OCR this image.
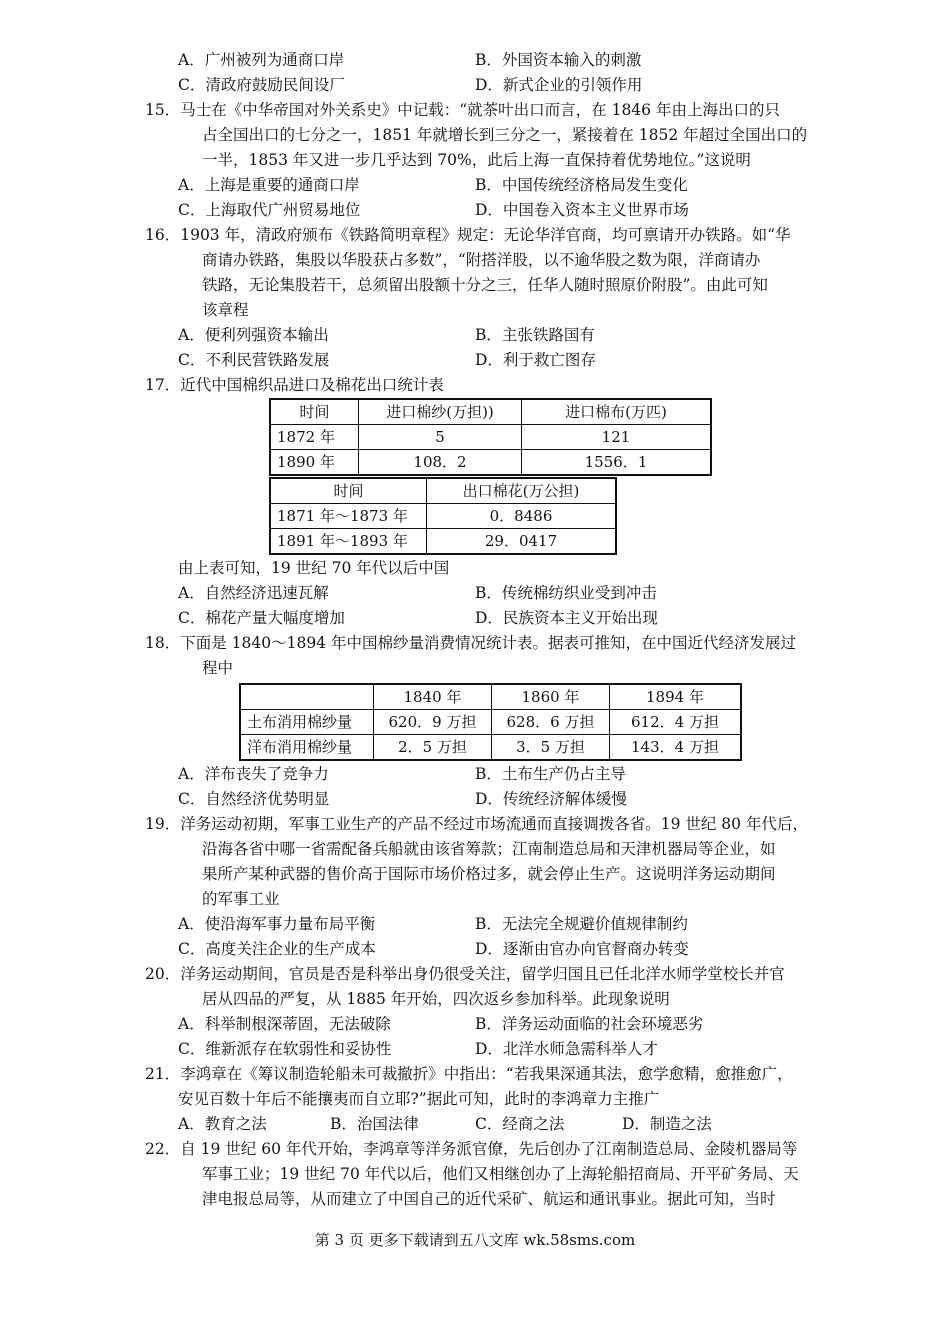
A．广州被列为通商口岸	B．外国资本输入的刺激
C．清政府鼓励民间设厂	D．新式企业的引领作用
15．马士在《中华帝国对外关系史》中记载：“就茶叶出口而言，在 1846 年由上海出口的只
占全国出口的七分之一，1851 年就增长到三分之一，紧接着在 1852 年超过全国出口的
一半，1853 年又进一步几乎达到 70%，此后上海一直保持着优势地位。”这说明
A．上海是重要的通商口岸	B．中国传统经济格局发生变化
C．上海取代广州贸易地位	D．中国卷入资本主义世界市场
16．1903 年，清政府颁布《铁路简明章程》规定：无论华洋官商，均可禀请开办铁路。如“华
商请办铁路，集股以华股获占多数”，“附搭洋股，以不逾华股之数为限，洋商请办
铁路，无论集股若干，总须留出股额十分之三，任华人随时照原价附股”。由此可知
该章程
A．便利列强资本输出	B．主张铁路国有
C．不利民营铁路发展	D．利于救亡图存
17．近代中国棉织品进口及棉花出口统计表
时间	进口棉纱(万担))	进口棉布(万匹)
1872 年	5	121
1890 年	108．2	1556．1
时间	出口棉花(万公担)
1871 年～1873 年	0．8486
1891 年～1893 年	29．0417
由上表可知，19 世纪 70 年代以后中国
A．自然经济迅速瓦解	B．传统棉纺织业受到冲击
C．棉花产量大幅度增加	D．民族资本主义开始出现
18．下面是 1840～1894 年中国棉纱量消费情况统计表。据表可推知，在中国近代经济发展过
程中
	1840 年	1860 年	1894 年
土布消用棉纱量	620．9 万担	628．6 万担	612．4 万担
洋布消用棉纱量	2．5 万担	3．5 万担	143．4 万担
A．洋布丧失了竞争力	B．土布生产仍占主导
C．自然经济优势明显	D．传统经济解体缓慢
19．洋务运动初期，军事工业生产的产品不经过市场流通而直接调拨各省。19 世纪 80 年代后，
沿海各省中哪一省需配备兵船就由该省筹款；江南制造总局和天津机器局等企业，如
果所产某种武器的售价高于国际市场价格过多，就会停止生产。这说明洋务运动期间
的军事工业
A．使沿海军事力量布局平衡	B．无法完全规避价值规律制约
C．高度关注企业的生产成本	D．逐渐由官办向官督商办转变
20．洋务运动期间，官员是否是科举出身仍很受关注，留学归国且已任北洋水师学堂校长并官
居从四品的严复，从 1885 年开始，四次返乡参加科举。此现象说明
A．科举制根深蒂固，无法破除	B．洋务运动面临的社会环境恶劣
C．维新派存在软弱性和妥协性	D．北洋水师急需科举人才
21．李鸿章在《筹议制造轮船未可裁撤折》中指出：“若我果深通其法，愈学愈精，愈推愈广，
安见百数十年后不能攘夷而自立耶?”据此可知，此时的李鸿章力主推广
A．教育之法	B．治国法律	C．经商之法	D．制造之法
22．自 19 世纪 60 年代开始，李鸿章等洋务派官僚，先后创办了江南制造总局、金陵机器局等
军事工业；19 世纪 70 年代以后，他们又相继创办了上海轮船招商局、开平矿务局、天
津电报总局等，从而建立了中国自己的近代采矿、航运和通讯事业。据此可知，当时
第 3 页 更多下载请到五八文库 wk.58sms.com
